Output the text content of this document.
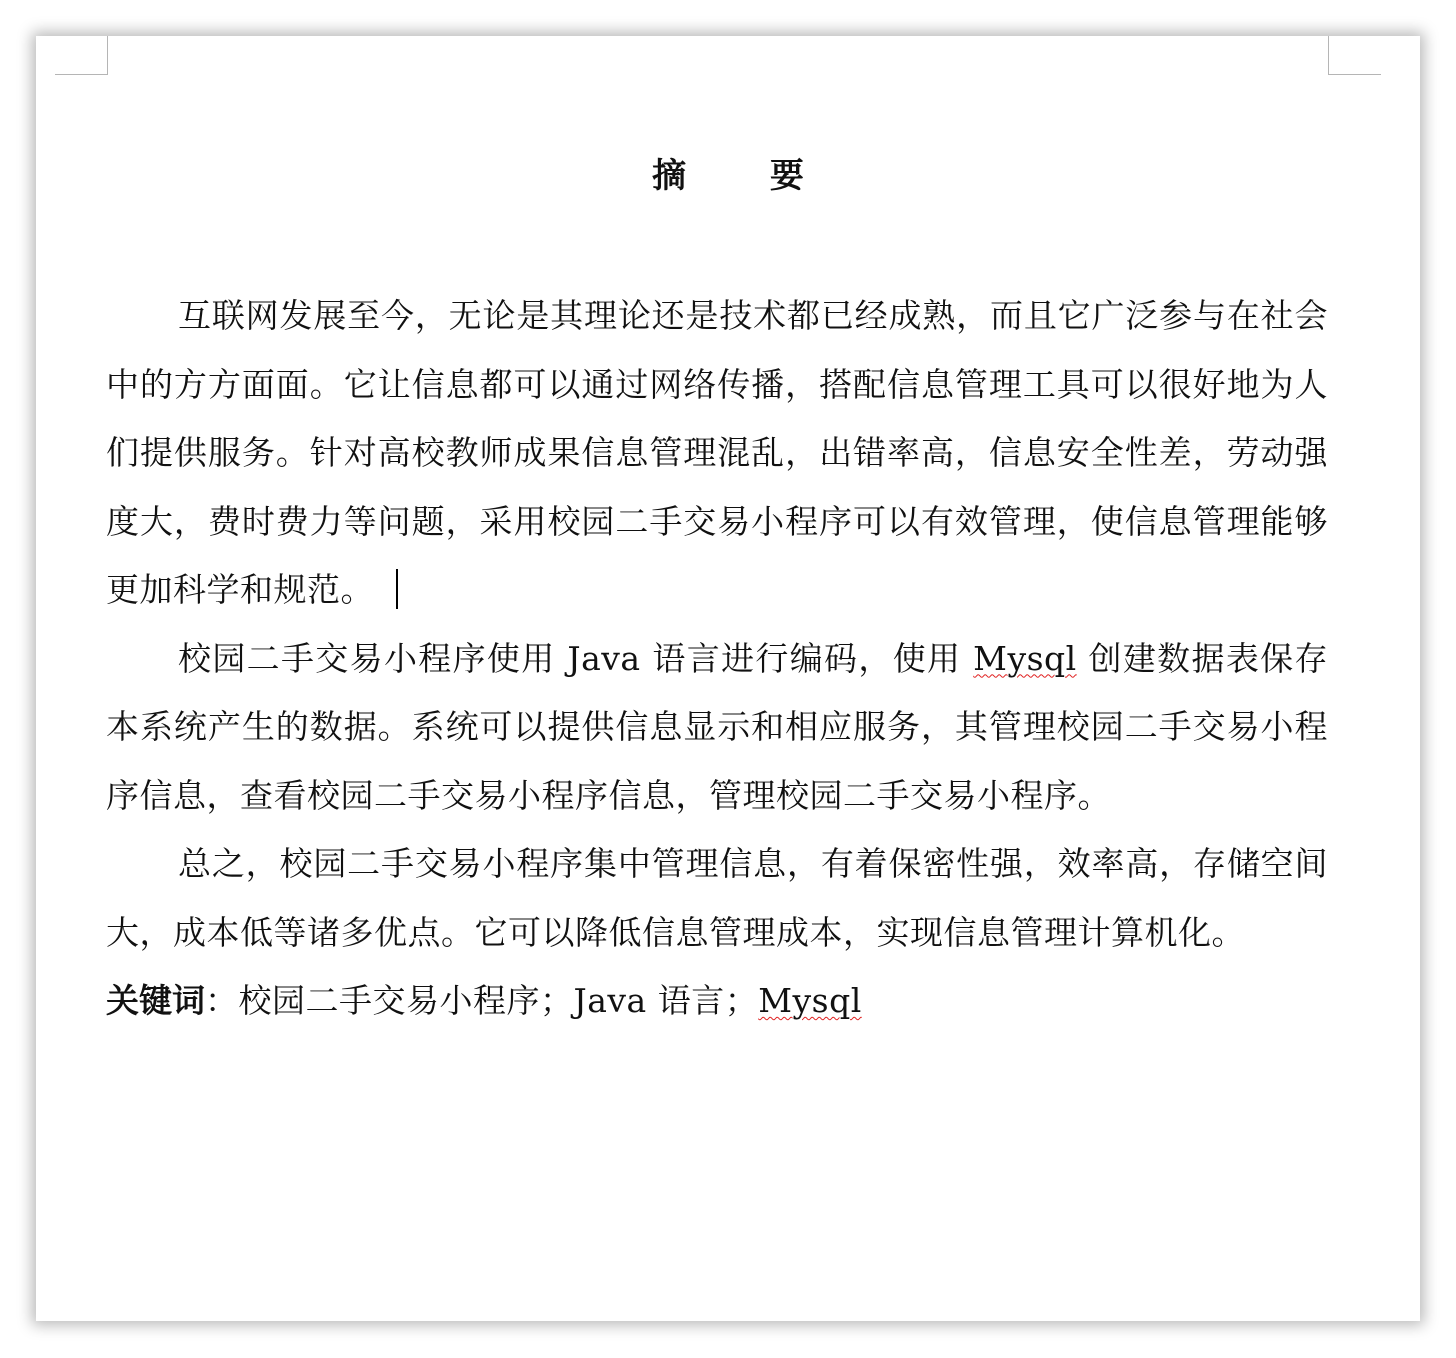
摘 要

互联网发展至今，无论是其理论还是技术都已经成熟，而且它广泛参与在社会中的方方面面。它让信息都可以通过网络传播，搭配信息管理工具可以很好地为人们提供服务。针对高校教师成果信息管理混乱，出错率高，信息安全性差，劳动强度大，费时费力等问题，采用校园二手交易小程序可以有效管理，使信息管理能够更加科学和规范。

校园二手交易小程序使用 Java 语言进行编码，使用 Mysql 创建数据表保存本系统产生的数据。系统可以提供信息显示和相应服务，其管理校园二手交易小程序信息，查看校园二手交易小程序信息，管理校园二手交易小程序。

总之，校园二手交易小程序集中管理信息，有着保密性强，效率高，存储空间大，成本低等诸多优点。它可以降低信息管理成本，实现信息管理计算机化。

关键词：校园二手交易小程序；Java 语言；Mysql
